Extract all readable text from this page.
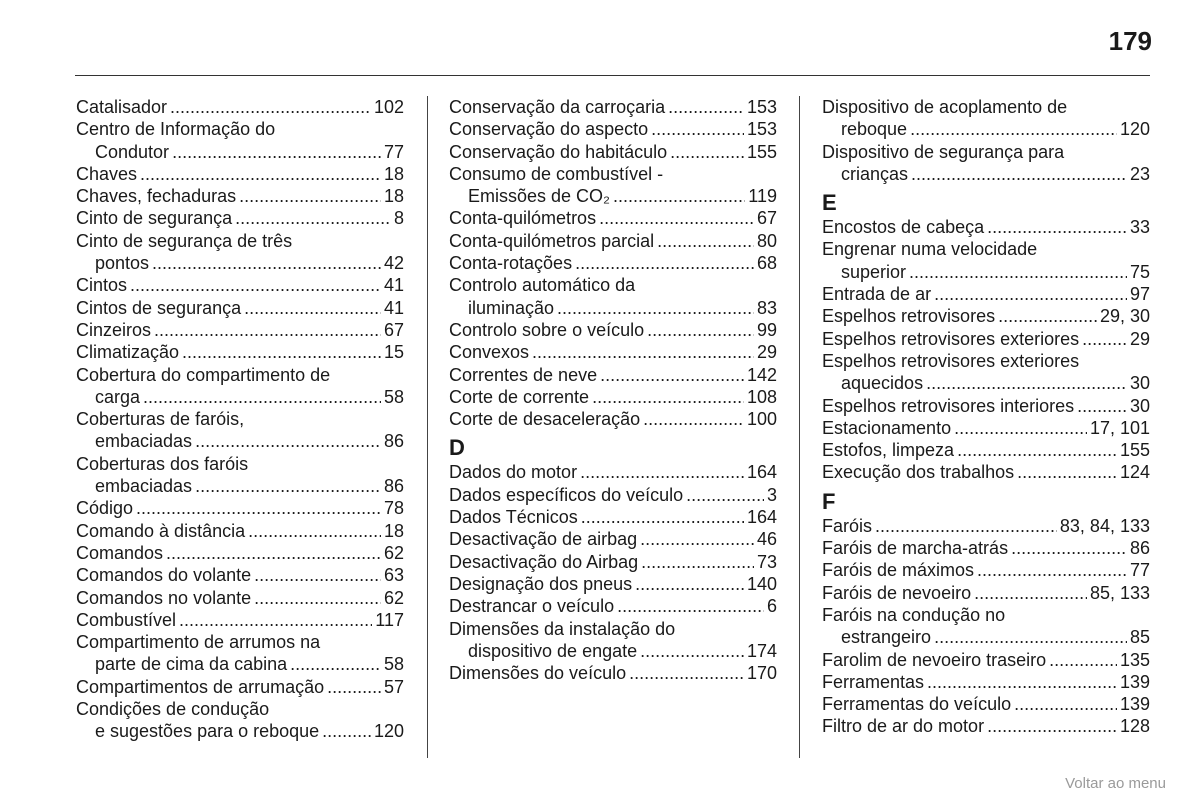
179
Catalisador .....	102
Centro de Informação do
Condutor .....	77
Chaves .....	18
Chaves, fechaduras .....	18
Cinto de segurança .....	8
Cinto de segurança de três
pontos .....	42
Cintos .....	41
Cintos de segurança .....	41
Cinzeiros .....	67
Climatização .....	15
Cobertura do compartimento de
carga .....	58
Coberturas de faróis,
embaciadas .....	86
Coberturas dos faróis
embaciadas .....	86
Código .....	78
Comando à distância .....	18
Comandos .....	62
Comandos do volante .....	63
Comandos no volante .....	62
Combustível .....	117
Compartimento de arrumos na
parte de cima da cabina .....	58
Compartimentos de arrumação .....	57
Condições de condução
e sugestões para o reboque .....	120
Conservação da carroçaria .....	153
Conservação do aspecto .....	153
Conservação do habitáculo .....	155
Consumo de combustível -
Emissões de CO₂ .....	119
Conta-quilómetros .....	67
Conta-quilómetros parcial .....	80
Conta-rotações .....	68
Controlo automático da
iluminação .....	83
Controlo sobre o veículo .....	99
Convexos .....	29
Correntes de neve .....	142
Corte de corrente .....	108
Corte de desaceleração .....	100
D
Dados do motor .....	164
Dados específicos do veículo .....	3
Dados Técnicos .....	164
Desactivação de airbag .....	46
Desactivação do Airbag .....	73
Designação dos pneus .....	140
Destrancar o veículo .....	6
Dimensões da instalação do
dispositivo de engate .....	174
Dimensões do veículo .....	170
Dispositivo de acoplamento de
reboque .....	120
Dispositivo de segurança para
crianças .....	23
E
Encostos de cabeça .....	33
Engrenar numa velocidade
superior .....	75
Entrada de ar .....	97
Espelhos retrovisores .....	29, 30
Espelhos retrovisores exteriores .....	29
Espelhos retrovisores exteriores
aquecidos .....	30
Espelhos retrovisores interiores .....	30
Estacionamento .....	17, 101
Estofos, limpeza .....	155
Execução dos trabalhos .....	124
F
Faróis .....	83, 84, 133
Faróis de marcha-atrás .....	86
Faróis de máximos .....	77
Faróis de nevoeiro .....	85, 133
Faróis na condução no
estrangeiro .....	85
Farolim de nevoeiro traseiro .....	135
Ferramentas .....	139
Ferramentas do veículo .....	139
Filtro de ar do motor .....	128
Voltar ao menu
